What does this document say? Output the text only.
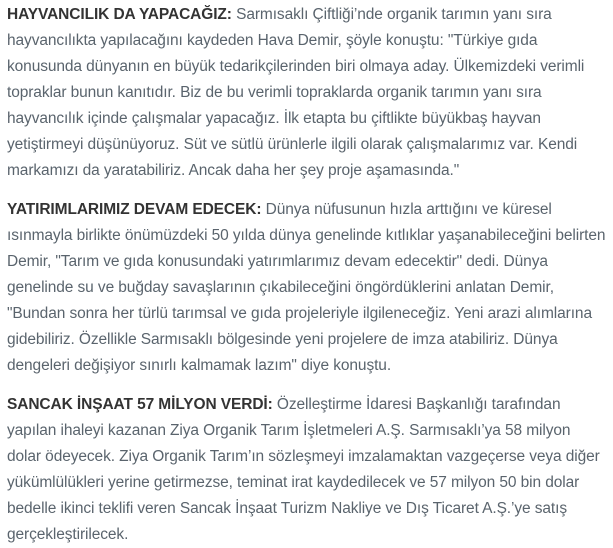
HAYVANCILIK DA YAPACAĞIZ: Sarmısaklı Çiftliği’nde organik tarımın yanı sıra hayvancılıkta yapılacağını kaydeden Hava Demir, şöyle konuştu: "Türkiye gıda konusunda dünyanın en büyük tedarikçilerinden biri olmaya aday. Ülkemizdeki verimli topraklar bunun kanıtıdır. Biz de bu verimli topraklarda organik tarımın yanı sıra hayvancılık içinde çalışmalar yapacağız. İlk etapta bu çiftlikte büyükbaş hayvan yetiştirmeyi düşünüyoruz. Süt ve sütlü ürünlerle ilgili olarak çalışmalarımız var. Kendi markamızı da yaratabiliriz. Ancak daha her şey proje aşamasında."

YATIRIMLARIMIZ DEVAM EDECEK: Dünya nüfusunun hızla arttığını ve küresel ısınmayla birlikte önümüzdeki 50 yılda dünya genelinde kıtlıklar yaşanabileceğini belirten Demir, "Tarım ve gıda konusundaki yatırımlarımız devam edecektir" dedi. Dünya genelinde su ve buğday savaşlarının çıkabileceğini öngördüklerini anlatan Demir, "Bundan sonra her türlü tarımsal ve gıda projeleriyle ilgileneceğiz. Yeni arazi alımlarına gidebiliriz. Özellikle Sarmısaklı bölgesinde yeni projelere de imza atabiliriz. Dünya dengeleri değişiyor sınırlı kalmamak lazım" diye konuştu.

SANCAK İNŞAAT 57 MİLYON VERDİ: Özelleştirme İdaresi Başkanlığı tarafından yapılan ihaleyi kazanan Ziya Organik Tarım İşletmeleri A.Ş. Sarmısaklı’ya 58 milyon dolar ödeyecek. Ziya Organik Tarım’ın sözleşmeyi imzalamaktan vazgeçerse veya diğer yükümlülükleri yerine getirmezse, teminat irat kaydedilecek ve 57 milyon 50 bin dolar bedelle ikinci teklifi veren Sancak İnşaat Turizm Nakliye ve Dış Ticaret A.Ş.’ye satış gerçekleştirilecek.
